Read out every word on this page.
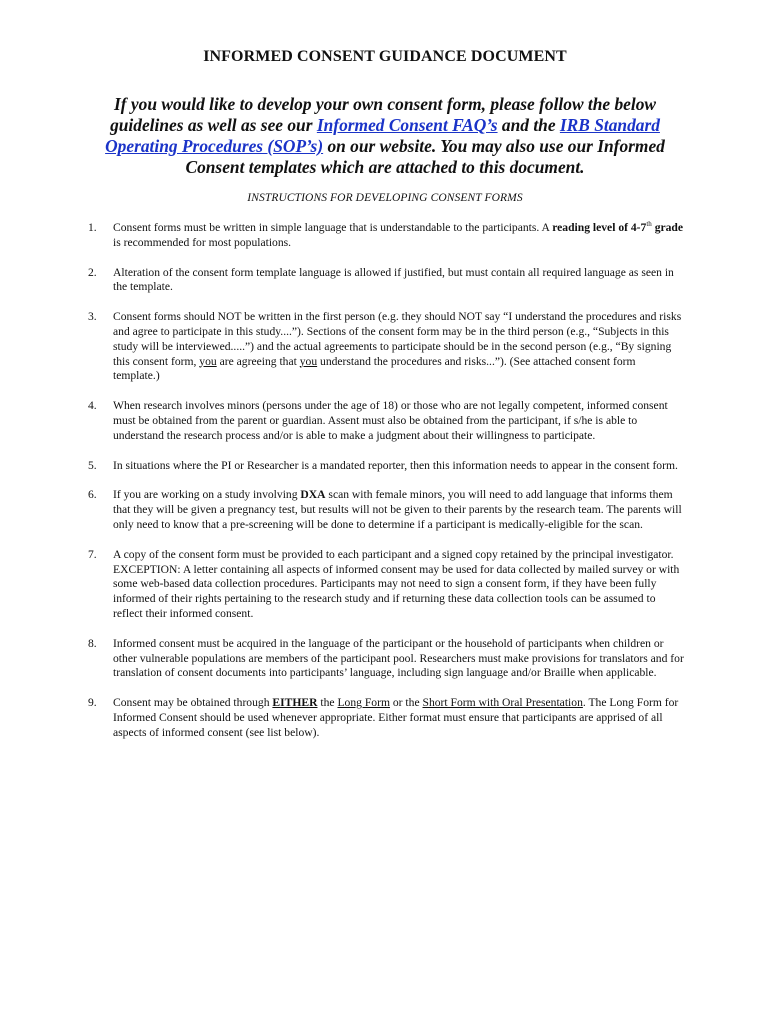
INFORMED CONSENT GUIDANCE DOCUMENT
If you would like to develop your own consent form, please follow the below guidelines as well as see our Informed Consent FAQ’s and the IRB Standard Operating Procedures (SOP’s) on our website. You may also use our Informed Consent templates which are attached to this document.
INSTRUCTIONS FOR DEVELOPING CONSENT FORMS
1. Consent forms must be written in simple language that is understandable to the participants. A reading level of 4-7th grade is recommended for most populations.
2. Alteration of the consent form template language is allowed if justified, but must contain all required language as seen in the template.
3. Consent forms should NOT be written in the first person (e.g. they should NOT say “I understand the procedures and risks and agree to participate in this study....”). Sections of the consent form may be in the third person (e.g., “Subjects in this study will be interviewed.....”) and the actual agreements to participate should be in the second person (e.g., “By signing this consent form, you are agreeing that you understand the procedures and risks...”). (See attached consent form template.)
4. When research involves minors (persons under the age of 18) or those who are not legally competent, informed consent must be obtained from the parent or guardian. Assent must also be obtained from the participant, if s/he is able to understand the research process and/or is able to make a judgment about their willingness to participate.
5. In situations where the PI or Researcher is a mandated reporter, then this information needs to appear in the consent form.
6. If you are working on a study involving DXA scan with female minors, you will need to add language that informs them that they will be given a pregnancy test, but results will not be given to their parents by the research team. The parents will only need to know that a pre-screening will be done to determine if a participant is medically-eligible for the scan.
7. A copy of the consent form must be provided to each participant and a signed copy retained by the principal investigator. EXCEPTION: A letter containing all aspects of informed consent may be used for data collected by mailed survey or with some web-based data collection procedures. Participants may not need to sign a consent form, if they have been fully informed of their rights pertaining to the research study and if returning these data collection tools can be assumed to reflect their informed consent.
8. Informed consent must be acquired in the language of the participant or the household of participants when children or other vulnerable populations are members of the participant pool. Researchers must make provisions for translators and for translation of consent documents into participants’ language, including sign language and/or Braille when applicable.
9. Consent may be obtained through EITHER the Long Form or the Short Form with Oral Presentation. The Long Form for Informed Consent should be used whenever appropriate. Either format must ensure that participants are apprised of all aspects of informed consent (see list below).
